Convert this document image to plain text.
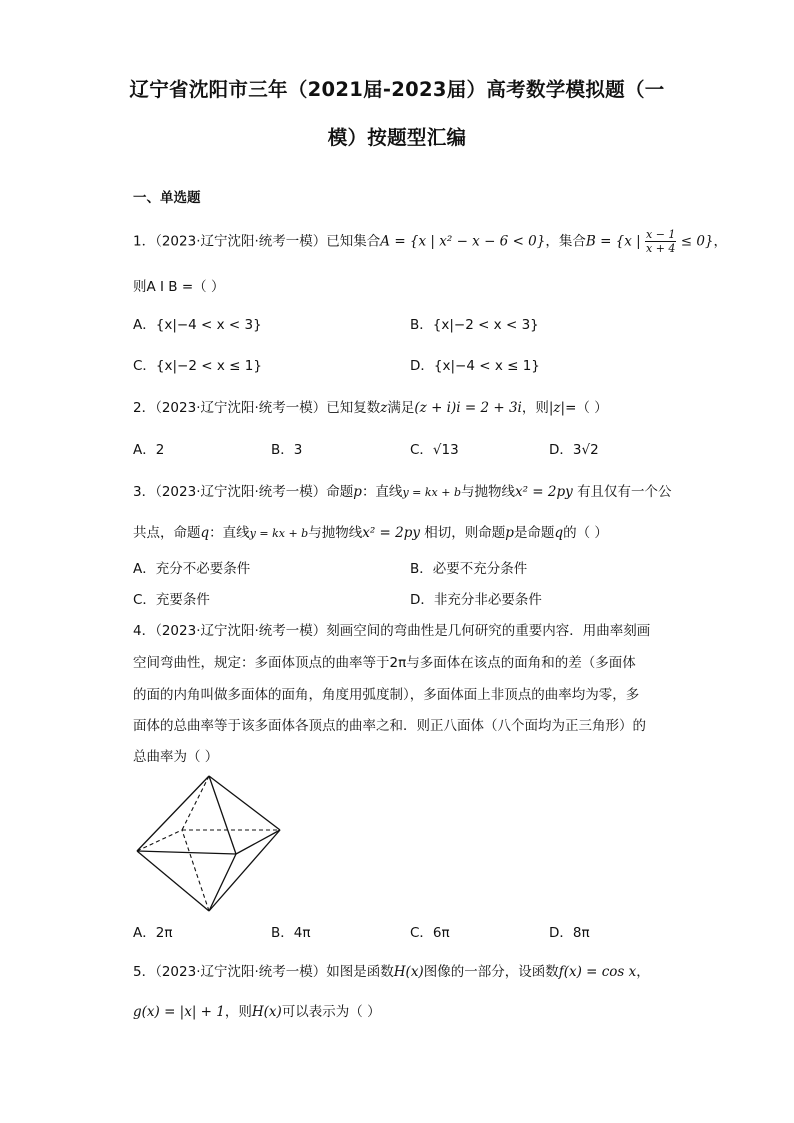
辽宁省沈阳市三年（2021届-2023届）高考数学模拟题（一
模）按题型汇编
一、单选题
1．（2023·辽宁沈阳·统考一模）已知集合A = {x | x² − x − 6 < 0}，集合B = {x | $\frac{x - 1}{x + 4} \le 0$}，
则A I B =（ ）
A．{x|−4 < x < 3}	B．{x|−2 < x < 3}
C．{x|−2 < x ≤ 1}	D．{x|−4 < x ≤ 1}
2．（2023·辽宁沈阳·统考一模）已知复数z满足(z + i)i = 2 + 3i，则|z|=（ ）
A．2	B．3	C．√13	D．3√2
3．（2023·辽宁沈阳·统考一模）命题p：直线y = kx + b与抛物线x² = 2py 有且仅有一个公
共点，命题q：直线y = kx + b与抛物线x² = 2py 相切，则命题p是命题q的（ ）
A．充分不必要条件	B．必要不充分条件
C．充要条件	D．非充分非必要条件
4．（2023·辽宁沈阳·统考一模）刻画空间的弯曲性是几何研究的重要内容．用曲率刻画
空间弯曲性，规定：多面体顶点的曲率等于2π与多面体在该点的面角和的差（多面体
的面的内角叫做多面体的面角，角度用弧度制），多面体面上非顶点的曲率均为零，多
面体的总曲率等于该多面体各顶点的曲率之和．则正八面体（八个面均为正三角形）的
总曲率为（ ）
A．2π	B．4π	C．6π	D．8π
5．（2023·辽宁沈阳·统考一模）如图是函数H(x)图像的一部分，设函数f(x) = cos x，
g(x) = |x| + 1，则H(x)可以表示为（ ）
